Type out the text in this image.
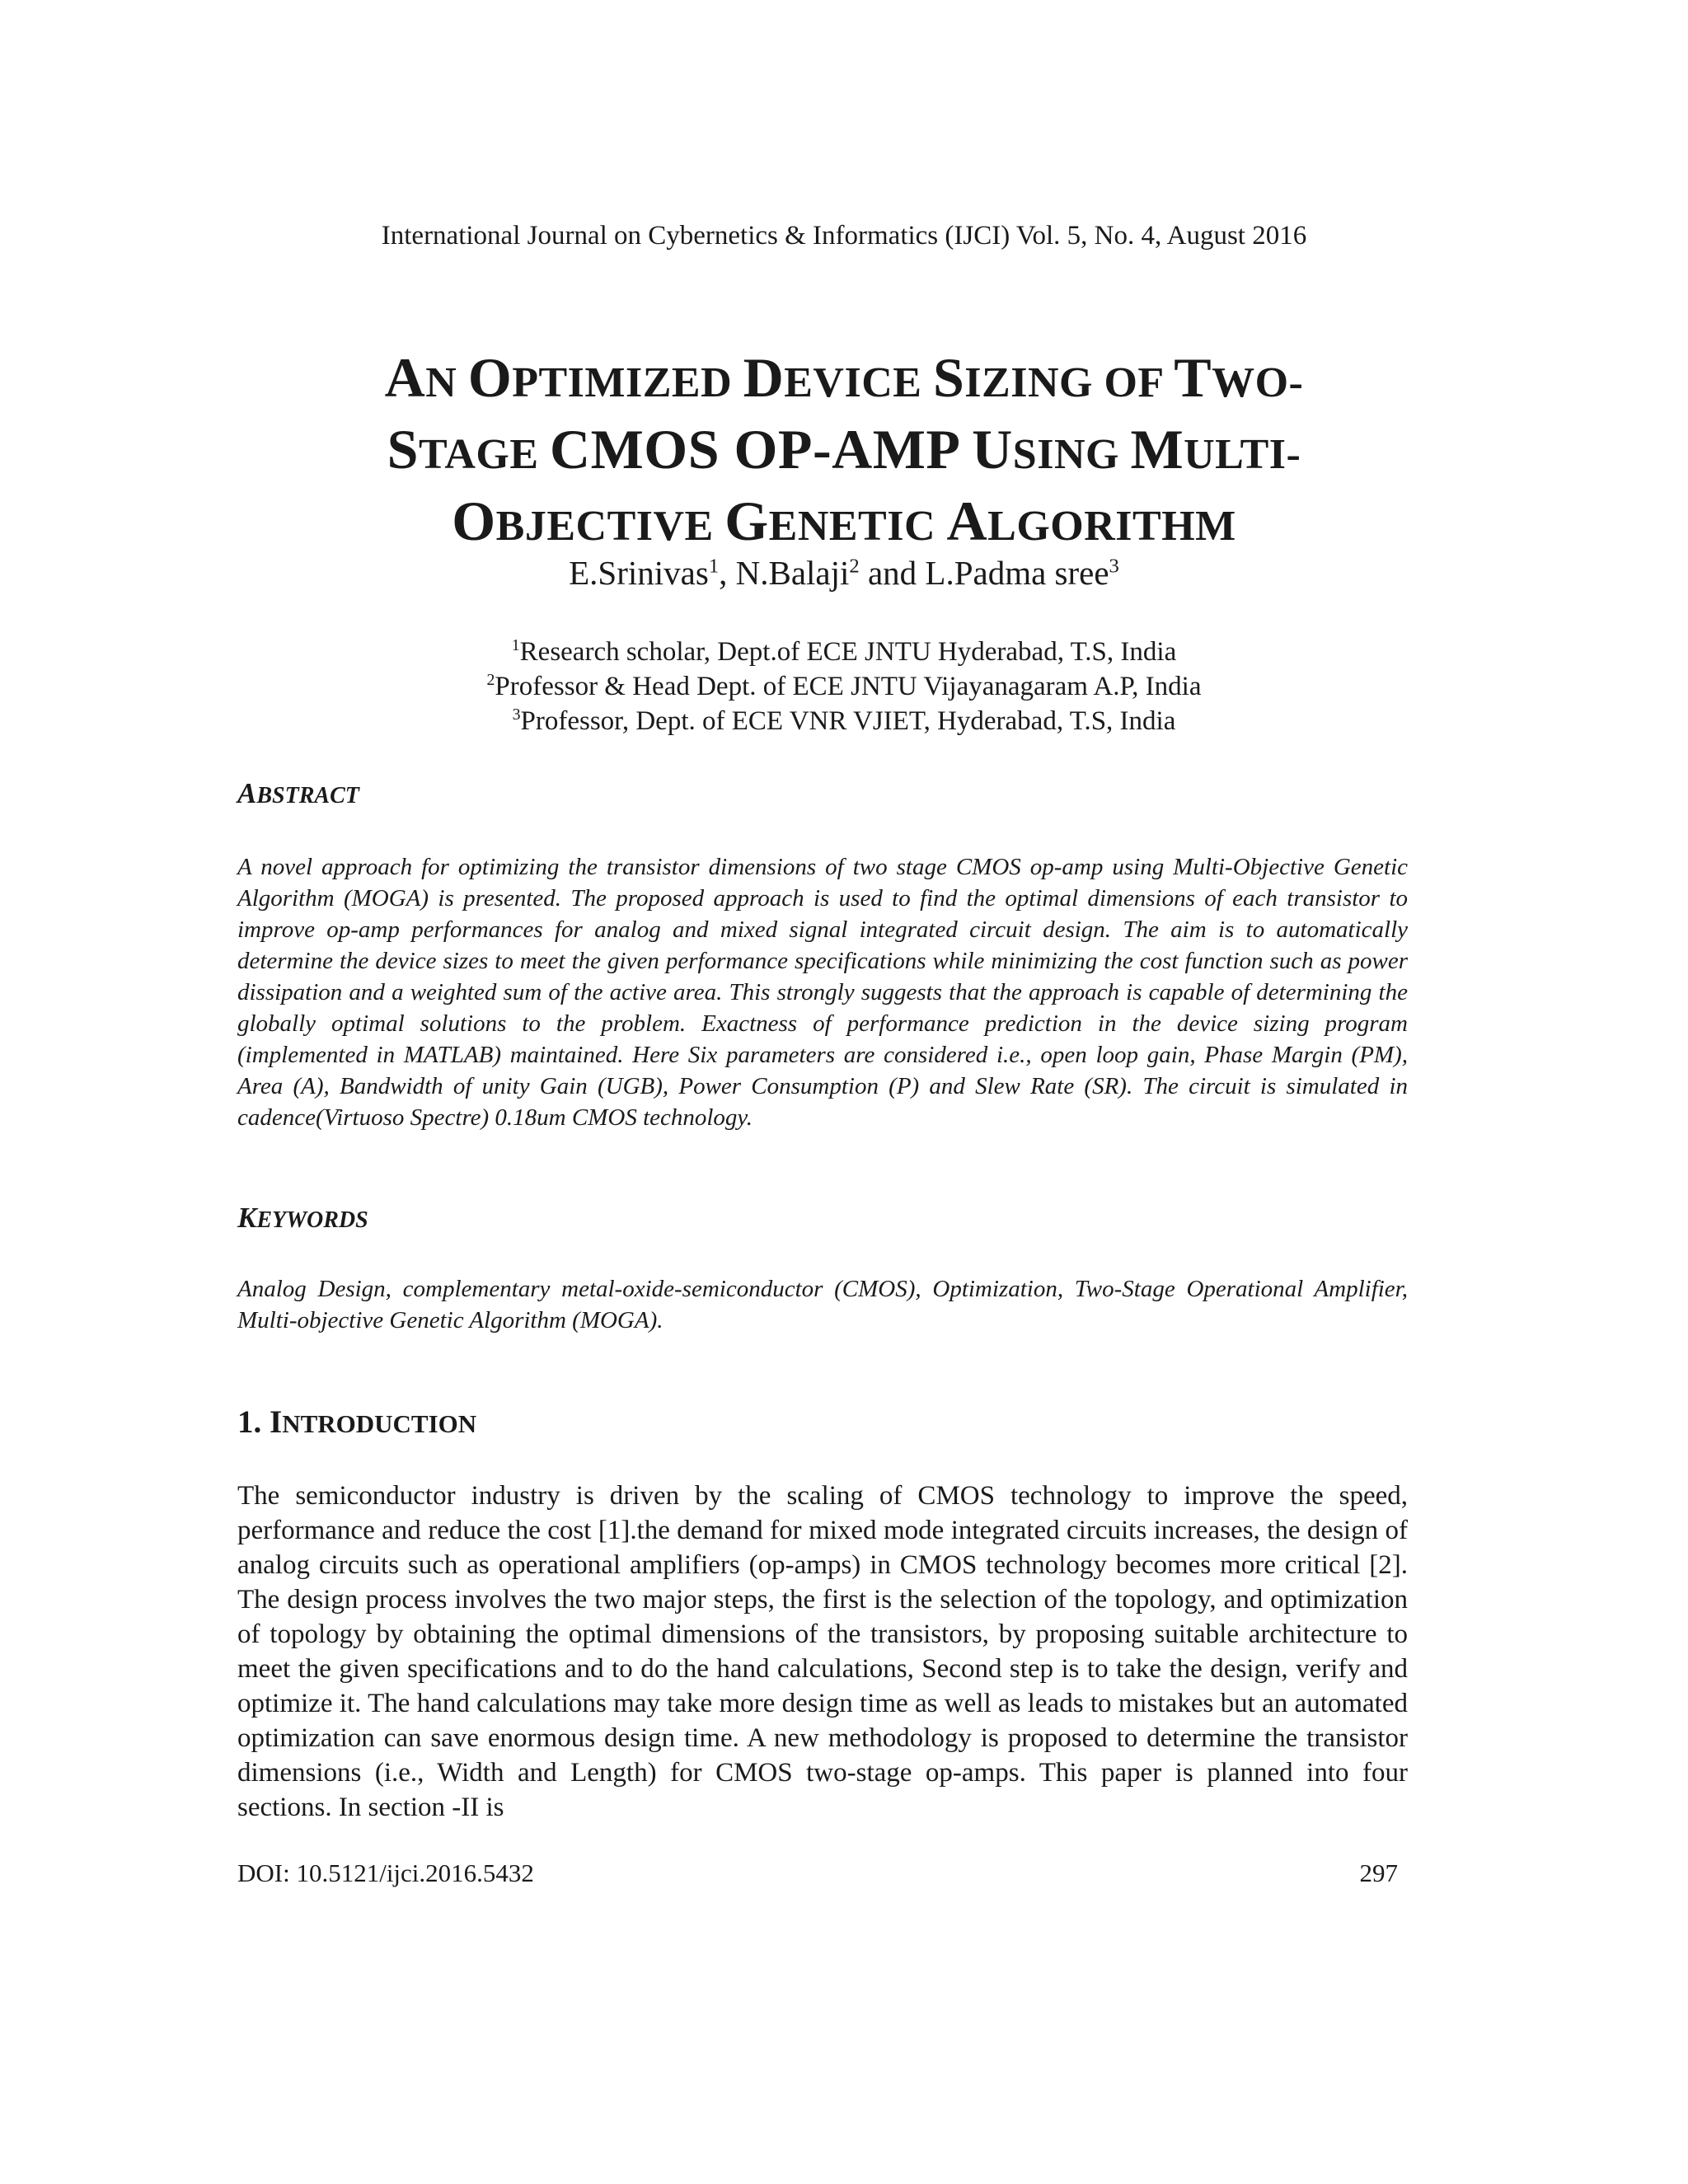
International Journal on Cybernetics & Informatics (IJCI) Vol. 5, No. 4, August 2016
AN OPTIMIZED DEVICE SIZING OF TWO-
STAGE CMOS OP-AMP USING MULTI-
OBJECTIVE GENETIC ALGORITHM
E.Srinivas$^1$, N.Balaji$^2$ and L.Padma sree$^3$
$^1$Research scholar, Dept.of ECE JNTU Hyderabad, T.S, India
$^2$Professor & Head Dept. of ECE JNTU Vijayanagaram A.P, India
$^3$Professor, Dept. of ECE VNR VJIET, Hyderabad, T.S, India
ABSTRACT
A novel approach for optimizing the transistor dimensions of two stage CMOS op-amp using Multi-Objective Genetic Algorithm (MOGA) is presented. The proposed approach is used to find the optimal dimensions of each transistor to improve op-amp performances for analog and mixed signal integrated circuit design. The aim is to automatically determine the device sizes to meet the given performance specifications while minimizing the cost function such as power dissipation and a weighted sum of the active area. This strongly suggests that the approach is capable of determining the globally optimal solutions to the problem. Exactness of performance prediction in the device sizing program (implemented in MATLAB) maintained. Here Six parameters are considered i.e., open loop gain, Phase Margin (PM), Area (A), Bandwidth of unity Gain (UGB), Power Consumption (P) and Slew Rate (SR). The circuit is simulated in cadence(Virtuoso Spectre) 0.18um CMOS technology.
KEYWORDS
Analog Design, complementary metal-oxide-semiconductor (CMOS), Optimization, Two-Stage Operational Amplifier, Multi-objective Genetic Algorithm (MOGA).
1. INTRODUCTION
The semiconductor industry is driven by the scaling of CMOS technology to improve the speed, performance and reduce the cost [1].the demand for mixed mode integrated circuits increases, the design of analog circuits such as operational amplifiers (op-amps) in CMOS technology becomes more critical [2]. The design process involves the two major steps, the first is the selection of the topology, and optimization of topology by obtaining the optimal dimensions of the transistors, by proposing suitable architecture to meet the given specifications and to do the hand calculations, Second step is to take the design, verify and optimize it. The hand calculations may take more design time as well as leads to mistakes but an automated optimization can save enormous design time. A new methodology is proposed to determine the transistor dimensions (i.e., Width and Length) for CMOS two-stage op-amps. This paper is planned into four sections. In section -II is
DOI: 10.5121/ijci.2016.5432	297
